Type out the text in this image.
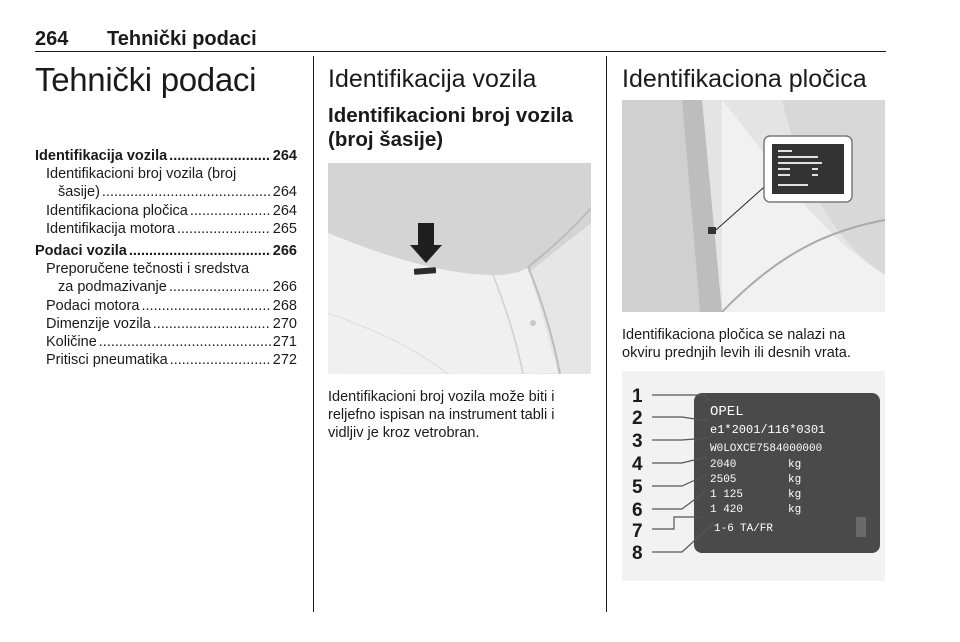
264 Tehnički podaci
Tehnički podaci
Identifikacija vozila .....	264
Identifikacioni broj vozila (broj
šasije) .....	264
Identifikaciona pločica .....	264
Identifikacija motora .....	265
Podaci vozila .....	266
Preporučene tečnosti i sredstva
za podmazivanje .....	266
Podaci motora .....	268
Dimenzije vozila .....	270
Količine .....	271
Pritisci pneumatika .....	272
Identifikacija vozila
Identifikacioni broj vozila (broj šasije)
Identifikacioni broj vozila može biti i reljefno ispisan na instrument tabli i vidljiv je kroz vetrobran.
Identifikaciona pločica
Identifikaciona pločica se nalazi na okviru prednjih levih ili desnih vrata.
1
2
3
4
5
6
7
8
OPEL
e1*2001/116*0301
W0LOXCE7584000000
2040
2505
1 125
1 420
kg
kg
kg
kg
1-6 TA/FR
